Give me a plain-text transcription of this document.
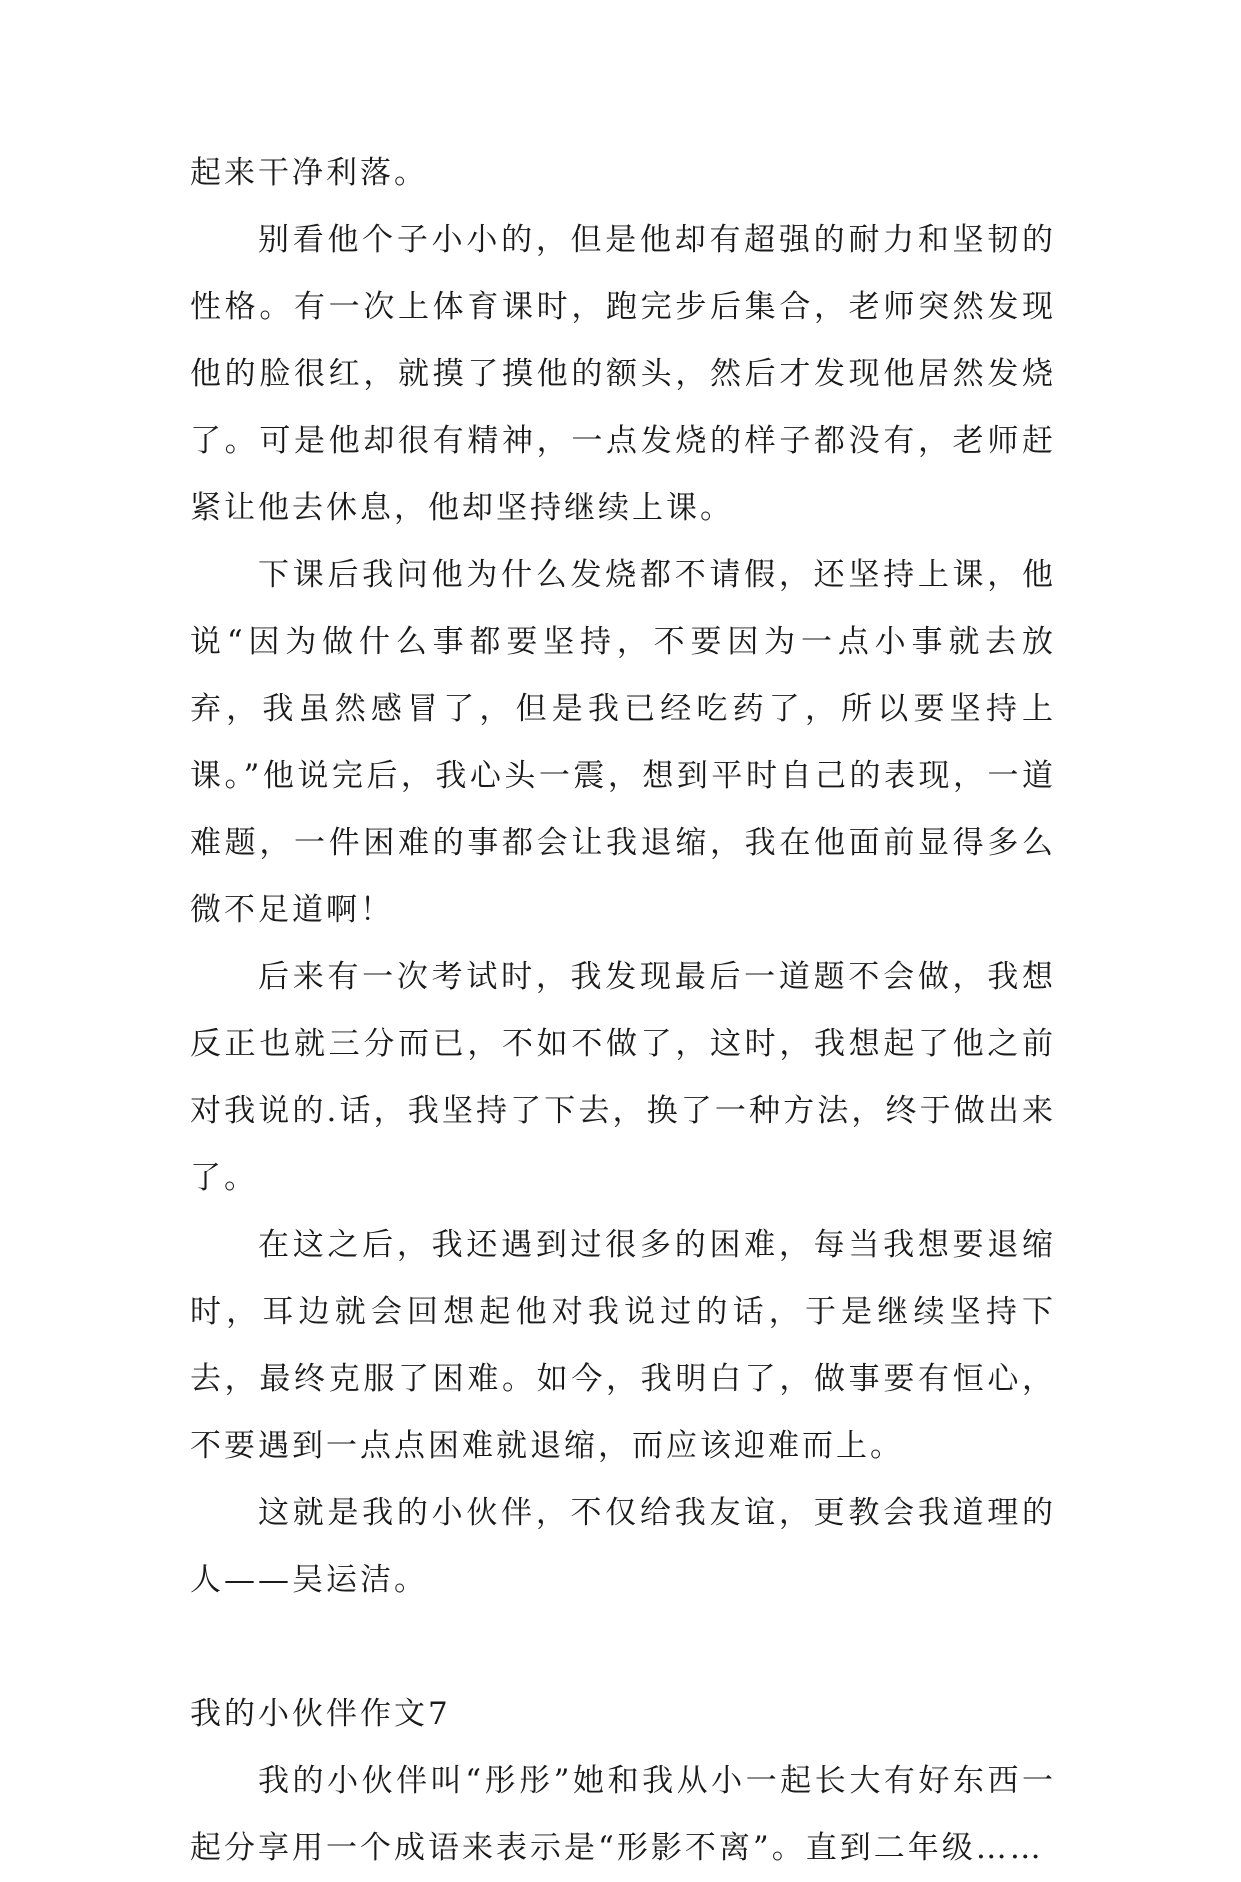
起来干净利落。

别看他个子小小的，但是他却有超强的耐力和坚韧的性格。有一次上体育课时，跑完步后集合，老师突然发现他的脸很红，就摸了摸他的额头，然后才发现他居然发烧了。可是他却很有精神，一点发烧的样子都没有，老师赶紧让他去休息，他却坚持继续上课。

下课后我问他为什么发烧都不请假，还坚持上课，他说“因为做什么事都要坚持，不要因为一点小事就去放弃，我虽然感冒了，但是我已经吃药了，所以要坚持上课。”他说完后，我心头一震，想到平时自己的表现，一道难题，一件困难的事都会让我退缩，我在他面前显得多么微不足道啊！

后来有一次考试时，我发现最后一道题不会做，我想反正也就三分而已，不如不做了，这时，我想起了他之前对我说的.话，我坚持了下去，换了一种方法，终于做出来了。

在这之后，我还遇到过很多的困难，每当我想要退缩时，耳边就会回想起他对我说过的话，于是继续坚持下去，最终克服了困难。如今，我明白了，做事要有恒心，不要遇到一点点困难就退缩，而应该迎难而上。

这就是我的小伙伴，不仅给我友谊，更教会我道理的人——吴运洁。

我的小伙伴作文7

我的小伙伴叫“彤彤”她和我从小一起长大有好东西一起分享用一个成语来表示是“形影不离”。直到二年级……
